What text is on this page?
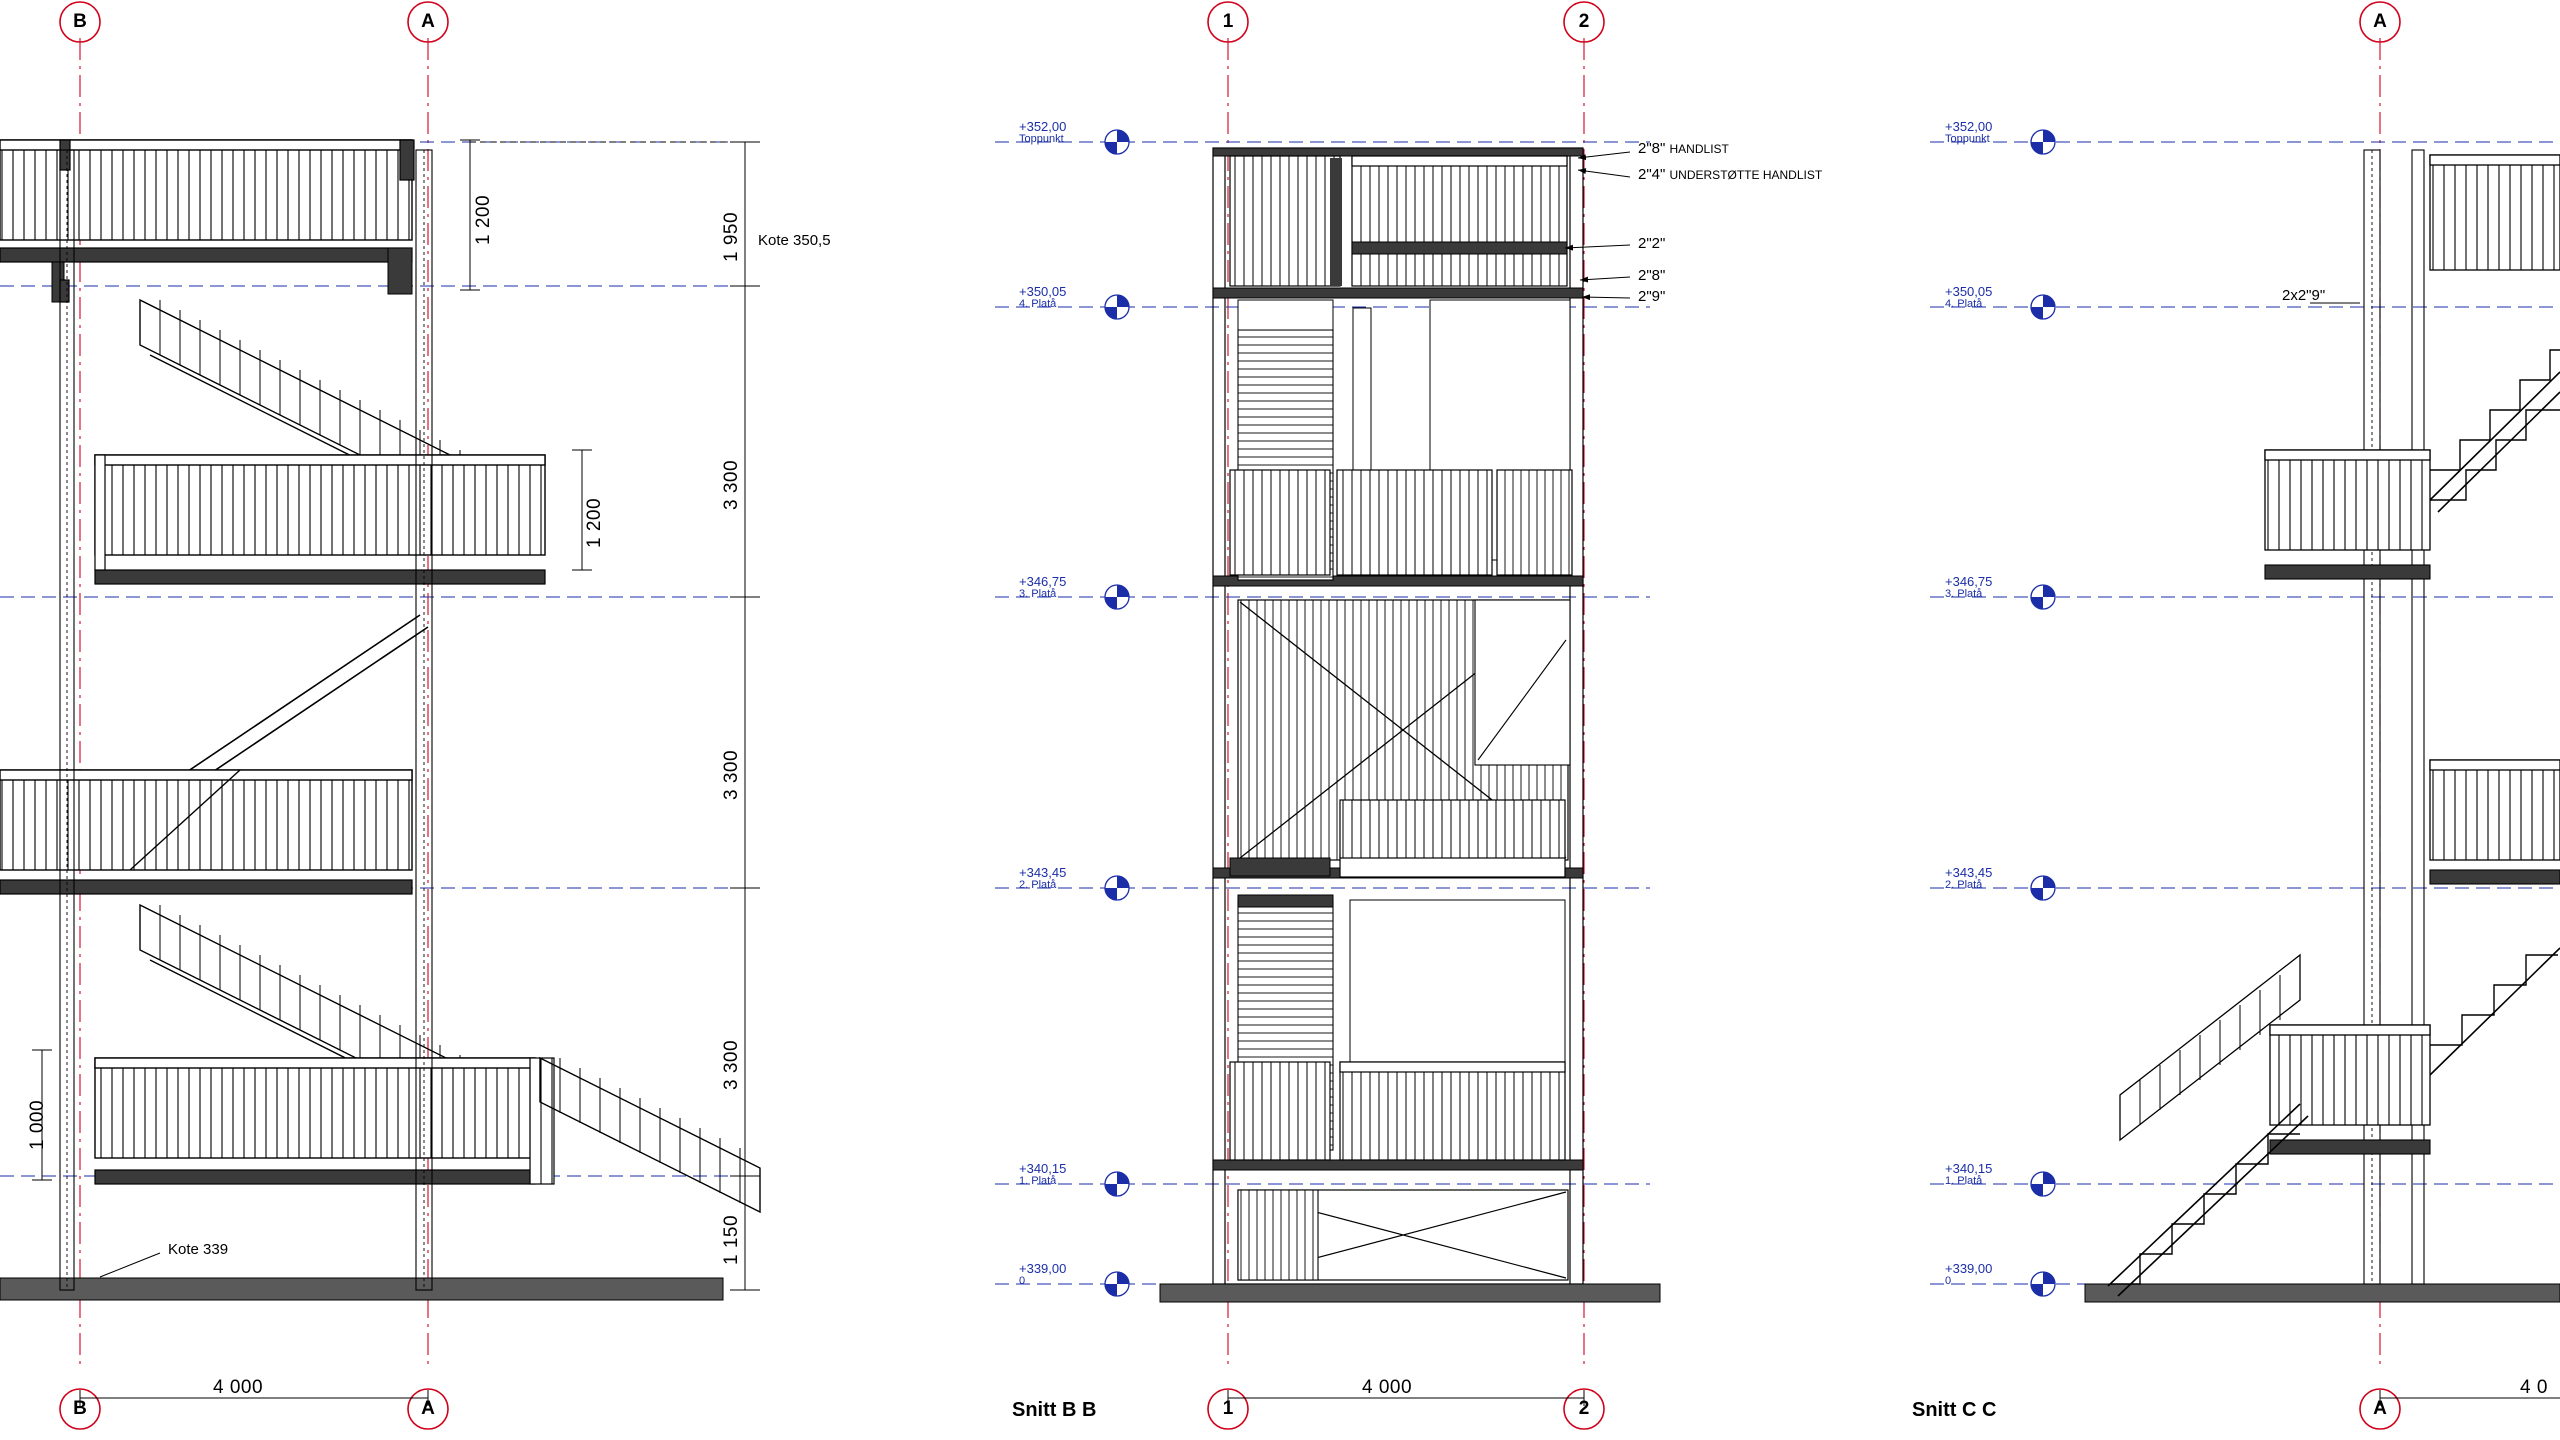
B	A
B	A
1 200	1 950
3 300
1 200
3 300
3 300
1 000
1 150
Kote 350,5
Kote 339
4 000
1	2
1	2
+352,00
Toppunkt
+350,05
4. Platå
+346,75
3. Platå
+343,45
2. Platå
+340,15
1. Platå
+339,00
0
2"8" HANDLIST
2"4" UNDERSTØTTE HANDLIST
2"2"
2"8"
2"9"
4 000
Snitt B B
A
A
+352,00
Toppunkt
+350,05
4. Platå
+346,75
3. Platå
+343,45
2. Platå
+340,15
1. Platå
+339,00
0
2x2"9"
4 0
Snitt C C
